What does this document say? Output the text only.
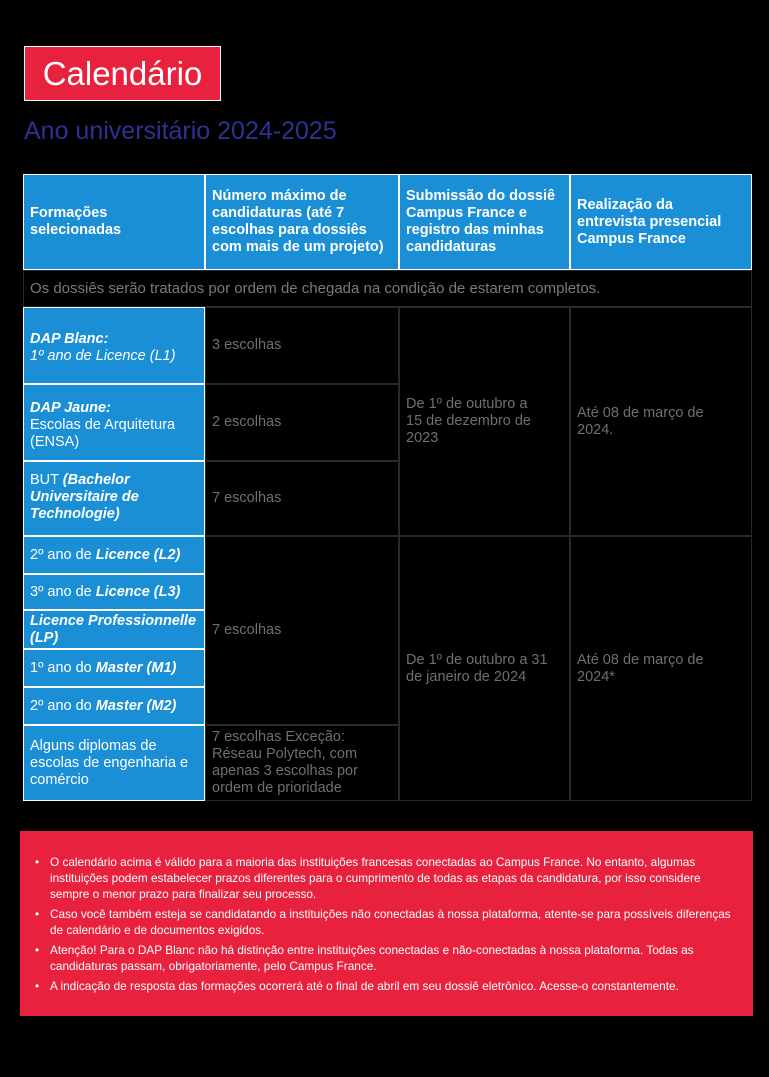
Calendário
Ano universitário 2024-2025
Formações selecionadas
Número máximo de candidaturas (até 7 escolhas para dossiês com mais de um projeto)
Submissão do dossiê Campus France e registro das minhas candidaturas
Realização da entrevista presencial Campus France
Os dossiês serão tratados por ordem de chegada na condição de estarem completos.
DAP Blanc:
1º ano de Licence (L1)
3 escolhas
DAP Jaune:
Escolas de Arquitetura (ENSA)
2 escolhas
BUT (Bachelor Universitaire de Technologie)
7 escolhas
De 1º de outubro a 15 de dezembro de 2023
Até 08 de março de 2024.
2º ano de
Licence (L2)
3º ano de
Licence (L3)
Licence Professionnelle (LP)
1º ano do
Master (M1)
2º ano do
Master (M2)
7 escolhas
Alguns diplomas de escolas de engenharia e comércio
7 escolhas Exceção: Réseau Polytech, com apenas 3 escolhas por ordem de prioridade
De 1º de outubro a 31 de janeiro de 2024
Até 08 de março de 2024*
• O calendário acima é válido para a maioria das instituições francesas conectadas ao Campus France. No entanto, algumas instituições podem estabelecer prazos diferentes para o cumprimento de todas as etapas da candidatura, por isso considere sempre o menor prazo para finalizar seu processo.
• Caso você também esteja se candidatando a instituições não conectadas à nossa plataforma, atente-se para possíveis diferenças de calendário e de documentos exigidos.
• Atenção! Para o DAP Blanc não há distinção entre instituições conectadas e não-conectadas à nossa plataforma. Todas as candidaturas passam, obrigatoriamente, pelo Campus France.
• A indicação de resposta das formações ocorrerá até o final de abril em seu dossiê eletrônico. Acesse-o constantemente.
